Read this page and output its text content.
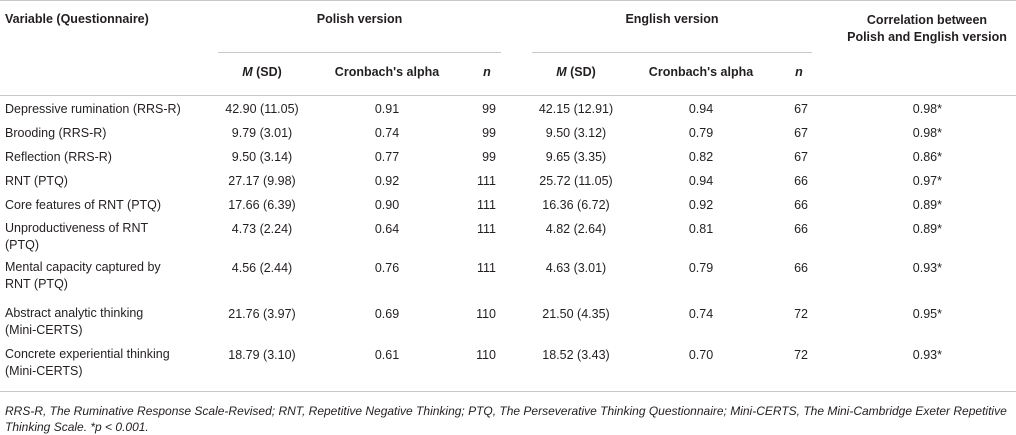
Variable (Questionnaire)	Polish version	English version	Correlation between
Polish and English version
M (SD)	Cronbach's alpha	n	M (SD)	Cronbach's alpha	n
Depressive rumination (RRS-R)	42.90 (11.05)	0.91	99	42.15 (12.91)	0.94	67	0.98*
Brooding (RRS-R)	9.79 (3.01)	0.74	99	9.50 (3.12)	0.79	67	0.98*
Reflection (RRS-R)	9.50 (3.14)	0.77	99	9.65 (3.35)	0.82	67	0.86*
RNT (PTQ)	27.17 (9.98)	0.92	111	25.72 (11.05)	0.94	66	0.97*
Core features of RNT (PTQ)	17.66 (6.39)	0.90	111	16.36 (6.72)	0.92	66	0.89*
Unproductiveness of RNT
(PTQ)
4.73 (2.24)	0.64	111	4.82 (2.64)	0.81	66	0.89*
Mental capacity captured by
RNT (PTQ)
4.56 (2.44)	0.76	111	4.63 (3.01)	0.79	66	0.93*
Abstract analytic thinking
(Mini-CERTS)
21.76 (3.97)	0.69	110	21.50 (4.35)	0.74	72	0.95*
Concrete experiential thinking
(Mini-CERTS)
18.79 (3.10)	0.61	110	18.52 (3.43)	0.70	72	0.93*
RRS-R, The Ruminative Response Scale-Revised; RNT, Repetitive Negative Thinking; PTQ, The Perseverative Thinking Questionnaire; Mini-CERTS, The Mini-Cambridge Exeter Repetitive Thinking Scale. *p < 0.001.
